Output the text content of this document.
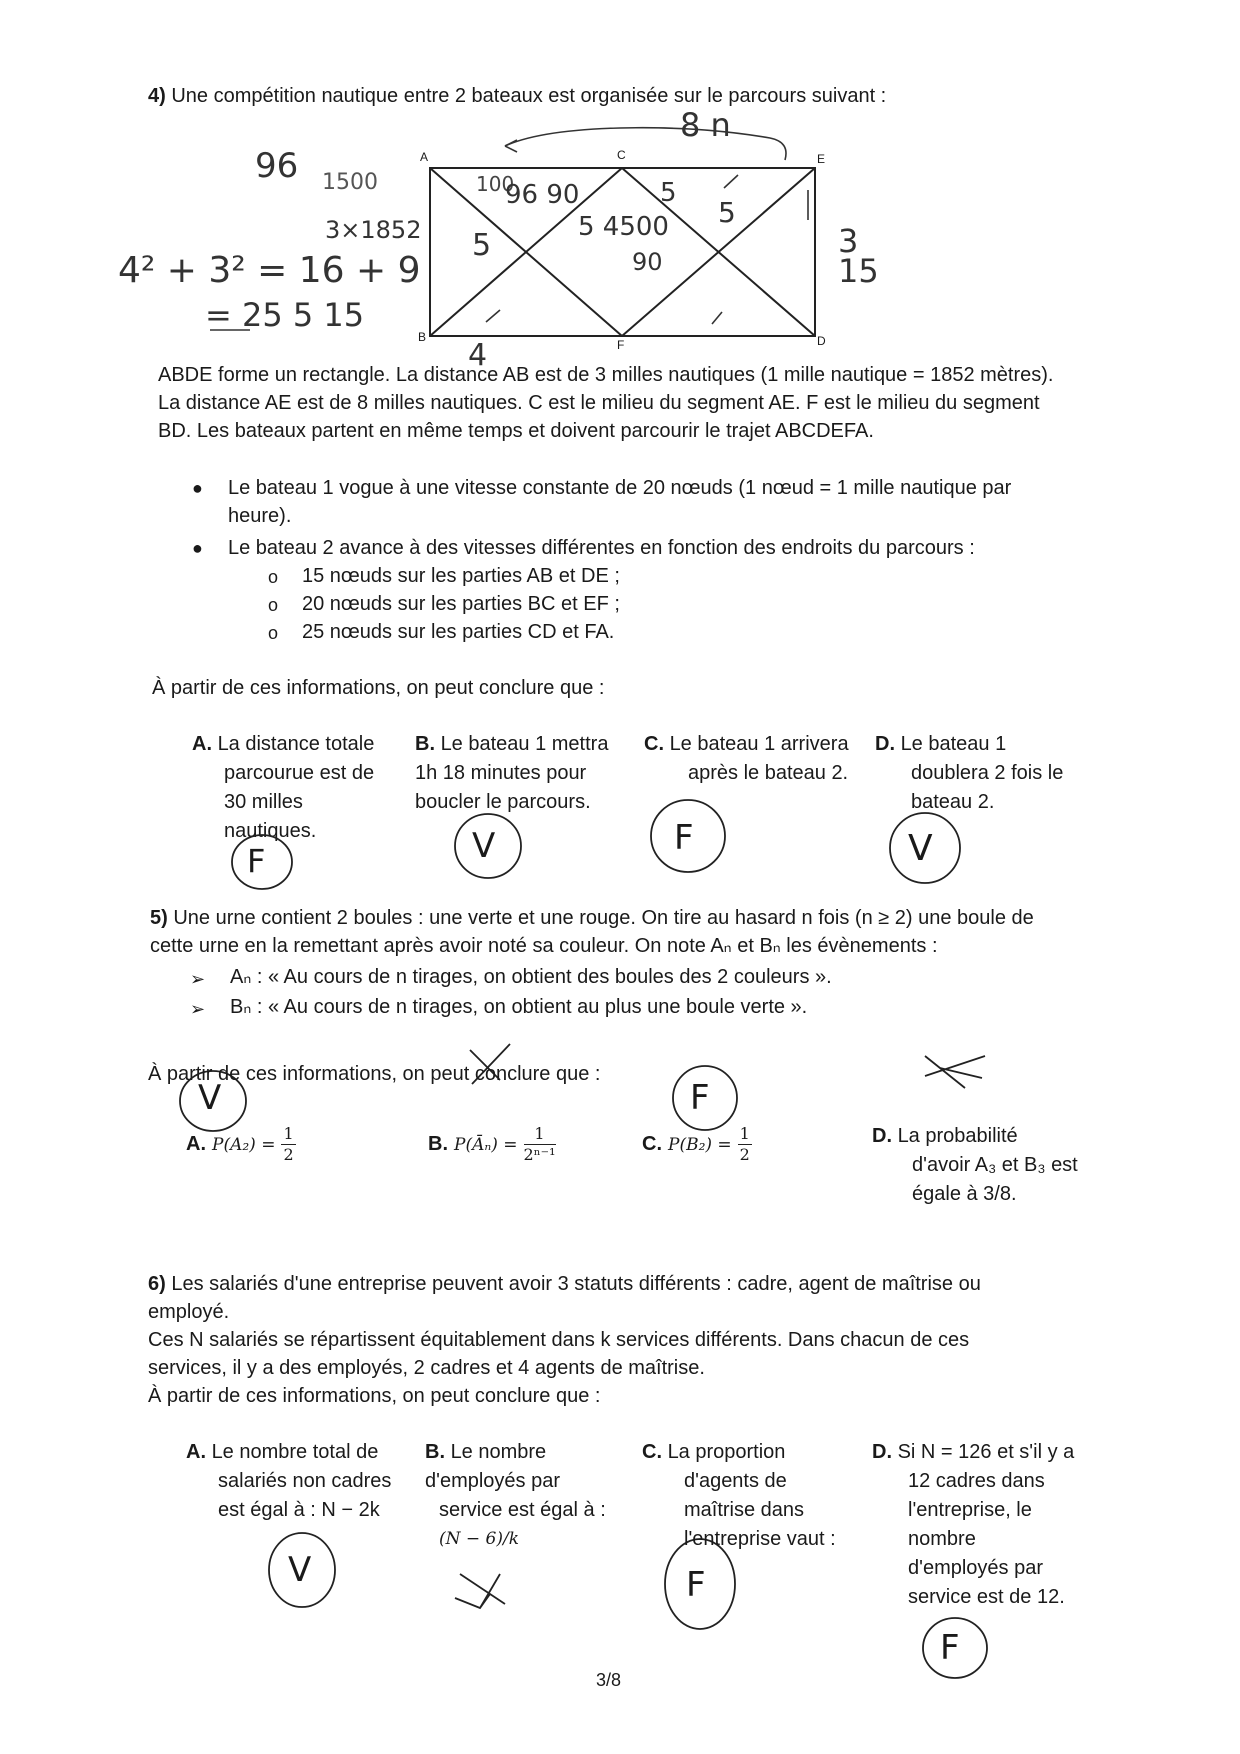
4) Une compétition nautique entre 2 bateaux est organisée sur le parcours suivant :
A	C	E
B
F	D
8 n
96 1500
3×1852
4² + 3² = 16 + 9
= 25 5 15
4
3
15
100
96 90
5
5 4500
90
5
5
ABDE forme un rectangle. La distance AB est de 3 milles nautiques (1 mille nautique = 1852 mètres).
La distance AE est de 8 milles nautiques. C est le milieu du segment AE. F est le milieu du segment
BD. Les bateaux partent en même temps et doivent parcourir le trajet ABCDEFA.
● Le bateau 1 vogue à une vitesse constante de 20 nœuds (1 nœud = 1 mille nautique par
heure).
● Le bateau 2 avance à des vitesses différentes en fonction des endroits du parcours :
o
o
o
15 nœuds sur les parties AB et DE ;
20 nœuds sur les parties BC et EF ;
25 nœuds sur les parties CD et FA.
À partir de ces informations, on peut conclure que :
A. La distance totale
parcourue est de
30 milles
nautiques.
B. Le bateau 1 mettra
1h 18 minutes pour
boucler le parcours.
C. Le bateau 1 arrivera
après le bateau 2.
D. Le bateau 1
doublera 2 fois le
bateau 2.
F	V	F	V
5) Une urne contient 2 boules : une verte et une rouge. On tire au hasard n fois (n ≥ 2) une boule de
cette urne en la remettant après avoir noté sa couleur. On note Aₙ et Bₙ les évènements :
➢
➢
Aₙ : « Au cours de n tirages, on obtient des boules des 2 couleurs ».
Bₙ : « Au cours de n tirages, on obtient au plus une boule verte ».
À partir de ces informations, on peut conclure que :
V	F
A. $P(A_2) = \frac{1}{2}$	B. P(Āₙ) = $\frac{1}{\text{2ⁿ⁻¹}}$	C. $P(B_2) = \frac{1}{2}$	D. La probabilité
d'avoir A₃ et B₃ est
égale à 3/8.
6) Les salariés d'une entreprise peuvent avoir 3 statuts différents : cadre, agent de maîtrise ou
employé.
Ces N salariés se répartissent équitablement dans k services différents. Dans chacun de ces
services, il y a des employés, 2 cadres et 4 agents de maîtrise.
À partir de ces informations, on peut conclure que :
A. Le nombre total de
salariés non cadres
est égal à : N − 2k
B. Le nombre
d'employés par
service est égal à :
(N − 6)/k
C. La proportion
d'agents de
maîtrise dans
l'entreprise vaut :
D. Si N = 126 et s'il y a
12 cadres dans
l'entreprise, le
nombre
d'employés par
service est de 12.
V	F
F
3/8
